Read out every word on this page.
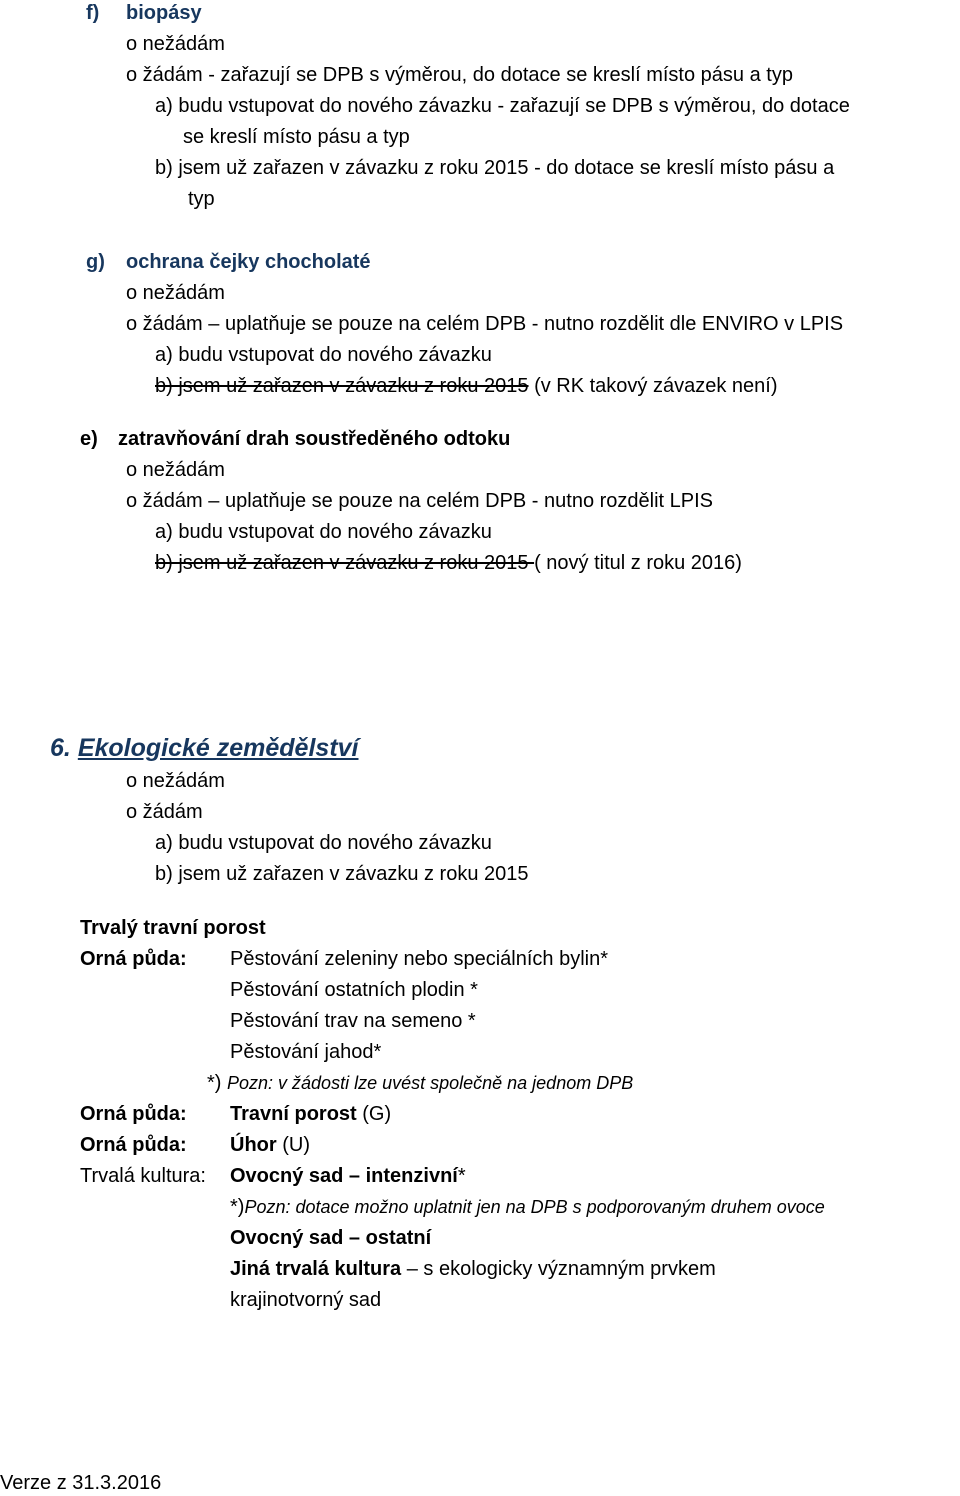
f) biopásy
o nežádám
o žádám - zařazují se DPB s výměrou, do dotace se kreslí místo pásu a typ
a) budu vstupovat do nového závazku - zařazují se DPB s výměrou, do dotace
se kreslí místo pásu a typ
b) jsem už zařazen v závazku z roku 2015 - do dotace se kreslí místo pásu a
typ
g) ochrana čejky chocholaté
o nežádám
o žádám – uplatňuje se pouze na celém DPB - nutno rozdělit dle ENVIRO v LPIS
a) budu vstupovat do nového závazku
b) jsem už zařazen v závazku z roku 2015 (v RK takový závazek není)
e) zatravňování drah soustředěného odtoku
o nežádám
o žádám – uplatňuje se pouze na celém DPB - nutno rozdělit LPIS
a) budu vstupovat do nového závazku
b) jsem už zařazen v závazku z roku 2015 ( nový titul z roku 2016)
6. Ekologické zemědělství
o nežádám
o žádám
a) budu vstupovat do nového závazku
b) jsem už zařazen v závazku z roku 2015
Trvalý travní porost
Orná půda: Pěstování zeleniny nebo speciálních bylin*
Pěstování ostatních plodin *
Pěstování trav na semeno *
Pěstování jahod*
*) Pozn: v žádosti lze uvést společně na jednom DPB
Orná půda: Travní porost (G)
Orná půda: Úhor (U)
Trvalá kultura: Ovocný sad – intenzivní*
*)Pozn: dotace možno uplatnit jen na DPB s podporovaným druhem ovoce
Ovocný sad – ostatní
Jiná trvalá kultura – s ekologicky významným prvkem
krajinotvorný sad
Verze z 31.3.2016
